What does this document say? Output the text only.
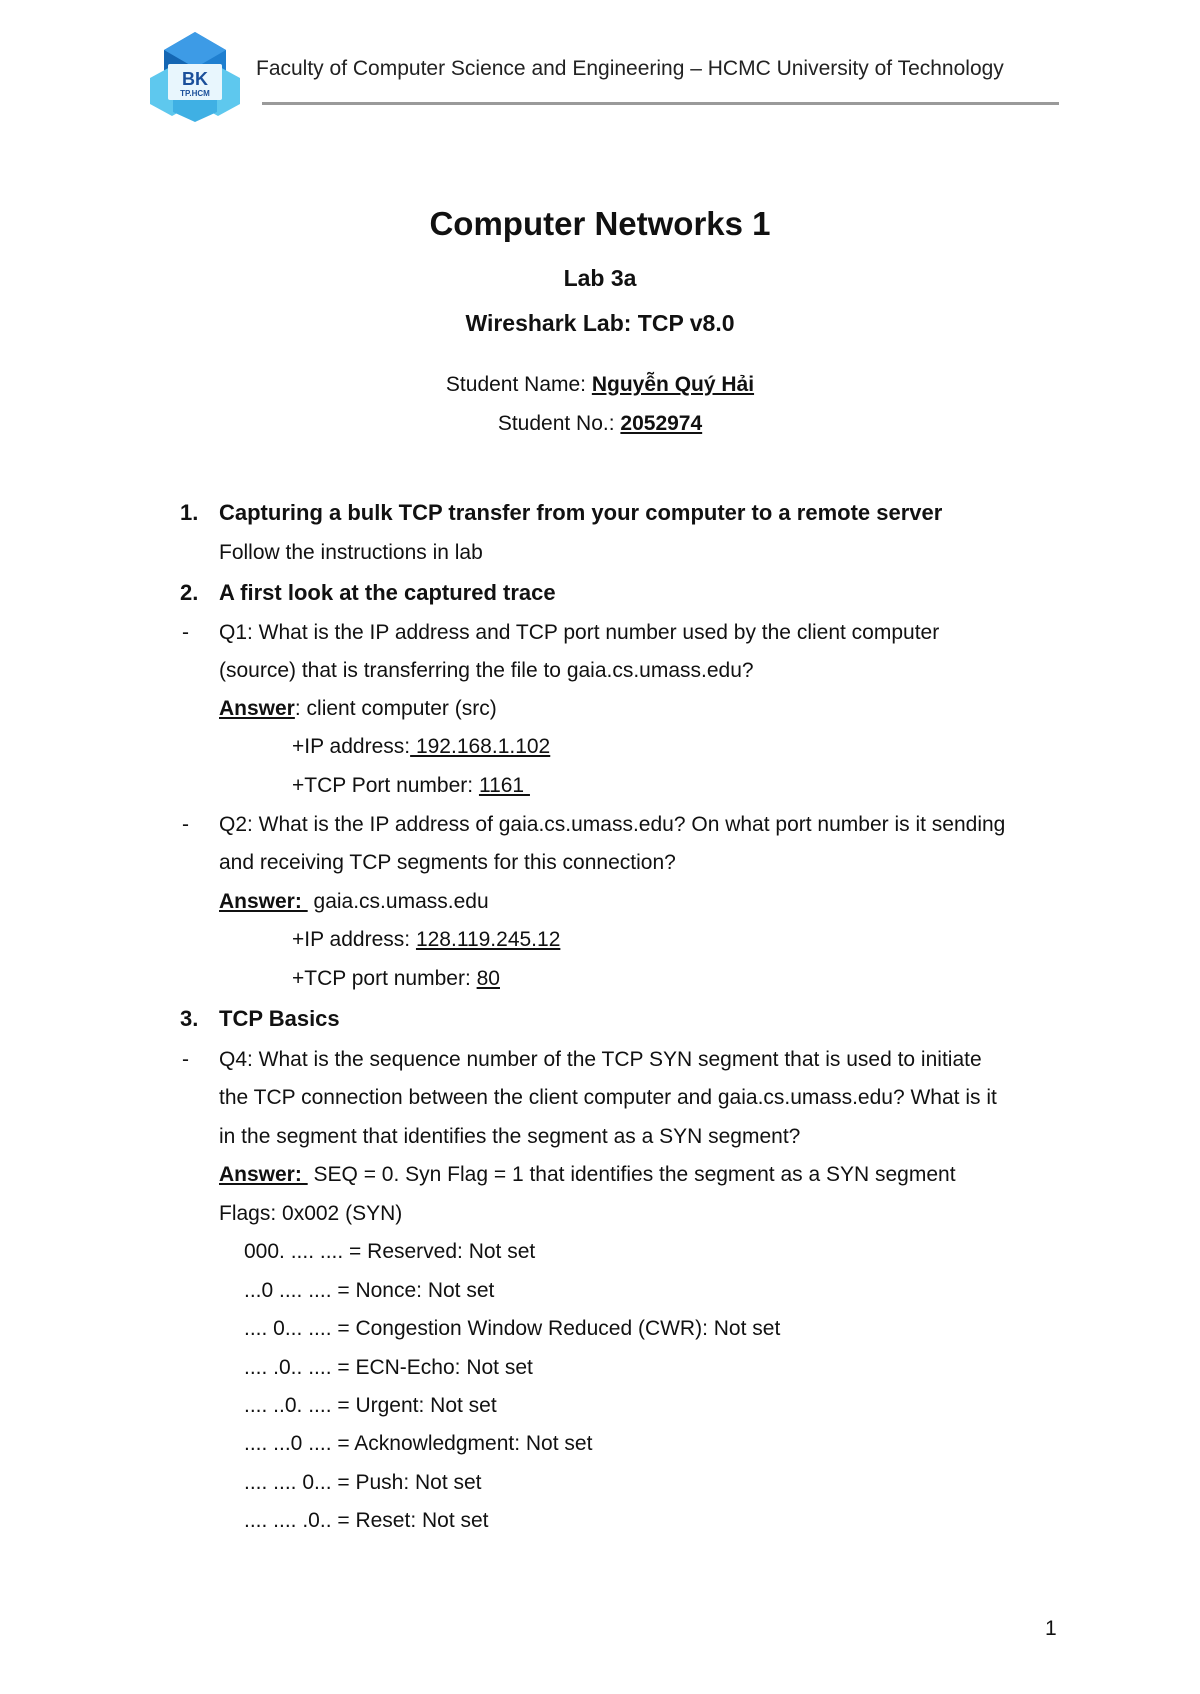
BK
TP.HCM
Faculty of Computer Science and Engineering – HCMC University of Technology
Computer Networks 1
Lab 3a
Wireshark Lab: TCP v8.0
Student Name: Nguyễn Quý Hải
Student No.: 2052974
1. Capturing a bulk TCP transfer from your computer to a remote server
Follow the instructions in lab
2. A first look at the captured trace
- Q1: What is the IP address and TCP port number used by the client computer
(source) that is transferring the file to gaia.cs.umass.edu?
Answer: client computer (src)
+IP address: 192.168.1.102
+TCP Port number: 1161
- Q2: What is the IP address of gaia.cs.umass.edu? On what port number is it sending
and receiving TCP segments for this connection?
Answer:  gaia.cs.umass.edu
+IP address: 128.119.245.12
+TCP port number: 80
3. TCP Basics
- Q4: What is the sequence number of the TCP SYN segment that is used to initiate
the TCP connection between the client computer and gaia.cs.umass.edu? What is it
in the segment that identifies the segment as a SYN segment?
Answer:  SEQ = 0. Syn Flag = 1 that identifies the segment as a SYN segment
Flags: 0x002 (SYN)
000. .... .... = Reserved: Not set
...0 .... .... = Nonce: Not set
.... 0... .... = Congestion Window Reduced (CWR): Not set
.... .0.. .... = ECN-Echo: Not set
.... ..0. .... = Urgent: Not set
.... ...0 .... = Acknowledgment: Not set
.... .... 0... = Push: Not set
.... .... .0.. = Reset: Not set
1
